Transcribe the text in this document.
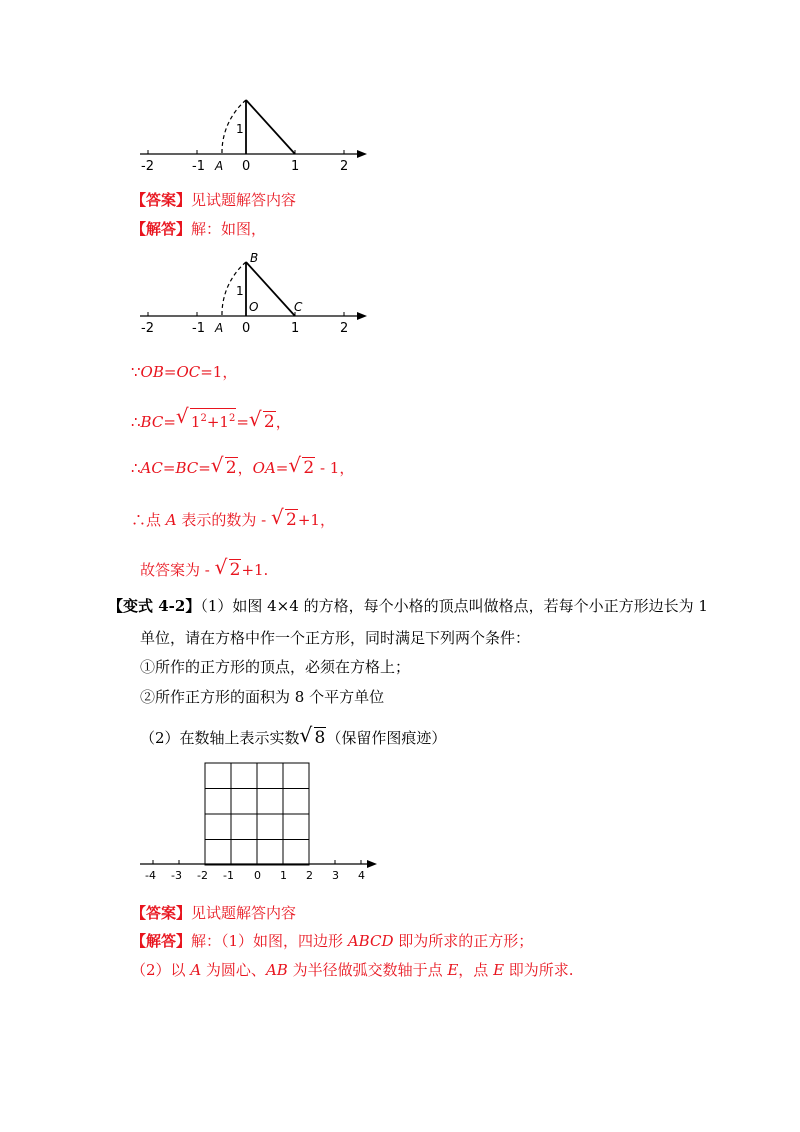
-2	-1 A 0	1	2
1
【答案】见试题解答内容
【解答】解：如图，
-2	-1 A 0	1	2
1
B
O	C
∵OB=OC=1，
∴BC= √ $1^2+1^2=$ √ 2，
∴AC=BC= √ 2，OA= √ 2 - 1，
∴点 A 表示的数为 - √ 2+1，
故答案为 - √ 2+1.
【变式 4-2】（1）如图 4×4 的方格，每个小格的顶点叫做格点，若每个小正方形边长为 1
单位，请在方格中作一个正方形，同时满足下列两个条件：
①所作的正方形的顶点，必须在方格上；
②所作正方形的面积为 8 个平方单位
（2）在数轴上表示实数 √ 8（保留作图痕迹）
-4 -3 -2 -1 0 1 2 3 4
【答案】见试题解答内容
【解答】解：（1）如图，四边形 ABCD 即为所求的正方形；
（2）以 A 为圆心、AB 为半径做弧交数轴于点 E，点 E 即为所求.
